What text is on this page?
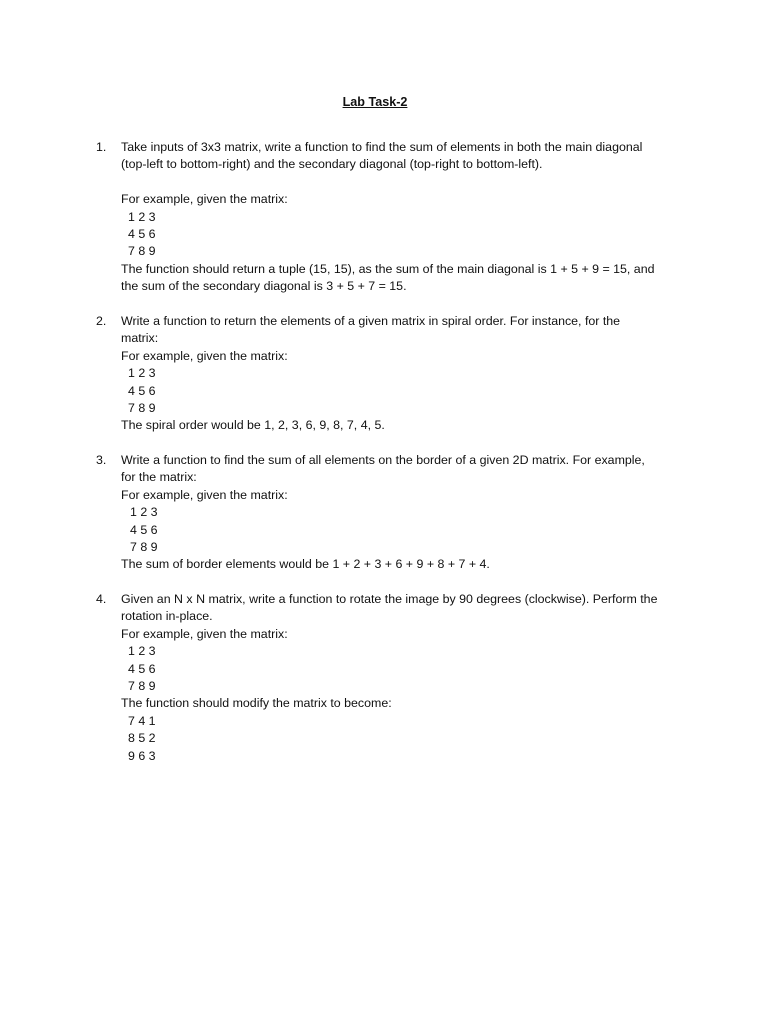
Lab Task-2
1. Take inputs of 3x3 matrix, write a function to find the sum of elements in both the main diagonal
(top-left to bottom-right) and the secondary diagonal (top-right to bottom-left).
For example, given the matrix:
1 2 3
4 5 6
7 8 9
The function should return a tuple (15, 15), as the sum of the main diagonal is 1 + 5 + 9 = 15, and
the sum of the secondary diagonal is 3 + 5 + 7 = 15.
2. Write a function to return the elements of a given matrix in spiral order. For instance, for the
matrix:
For example, given the matrix:
1 2 3
4 5 6
7 8 9
The spiral order would be 1, 2, 3, 6, 9, 8, 7, 4, 5.
3. Write a function to find the sum of all elements on the border of a given 2D matrix. For example,
for the matrix:
For example, given the matrix:
1 2 3
4 5 6
7 8 9
The sum of border elements would be 1 + 2 + 3 + 6 + 9 + 8 + 7 + 4.
4. Given an N x N matrix, write a function to rotate the image by 90 degrees (clockwise). Perform the
rotation in-place.
For example, given the matrix:
1 2 3
4 5 6
7 8 9
The function should modify the matrix to become:
7 4 1
8 5 2
9 6 3
